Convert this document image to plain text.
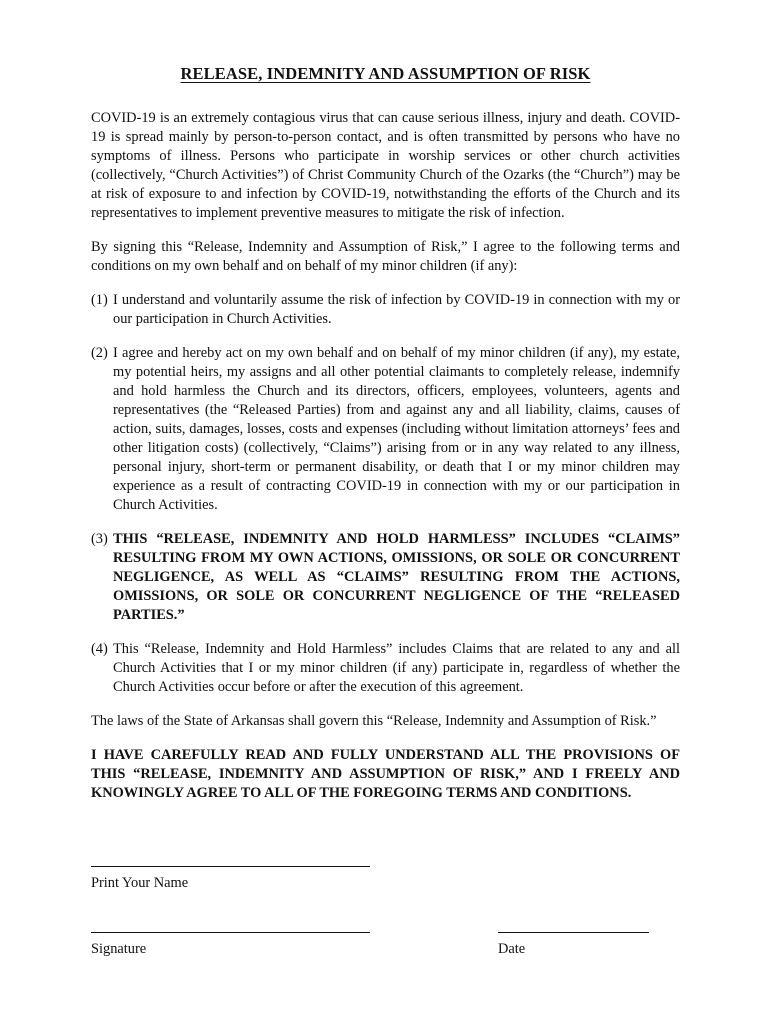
RELEASE, INDEMNITY AND ASSUMPTION OF RISK

COVID-19 is an extremely contagious virus that can cause serious illness, injury and death. COVID-19 is spread mainly by person-to-person contact, and is often transmitted by persons who have no symptoms of illness. Persons who participate in worship services or other church activities (collectively, “Church Activities”) of Christ Community Church of the Ozarks (the “Church”) may be at risk of exposure to and infection by COVID-19, notwithstanding the efforts of the Church and its representatives to implement preventive measures to mitigate the risk of infection.

By signing this “Release, Indemnity and Assumption of Risk,” I agree to the following terms and conditions on my own behalf and on behalf of my minor children (if any):

(1) I understand and voluntarily assume the risk of infection by COVID-19 in connection with my or our participation in Church Activities.
(2) I agree and hereby act on my own behalf and on behalf of my minor children (if any), my estate, my potential heirs, my assigns and all other potential claimants to completely release, indemnify and hold harmless the Church and its directors, officers, employees, volunteers, agents and representatives (the “Released Parties) from and against any and all liability, claims, causes of action, suits, damages, losses, costs and expenses (including without limitation attorneys’ fees and other litigation costs) (collectively, “Claims”) arising from or in any way related to any illness, personal injury, short-term or permanent disability, or death that I or my minor children may experience as a result of contracting COVID-19 in connection with my or our participation in Church Activities.
(3) THIS “RELEASE, INDEMNITY AND HOLD HARMLESS” INCLUDES “CLAIMS” RESULTING FROM MY OWN ACTIONS, OMISSIONS, OR SOLE OR CONCURRENT NEGLIGENCE, AS WELL AS “CLAIMS” RESULTING FROM THE ACTIONS, OMISSIONS, OR SOLE OR CONCURRENT NEGLIGENCE OF THE “RELEASED PARTIES.”
(4) This “Release, Indemnity and Hold Harmless” includes Claims that are related to any and all Church Activities that I or my minor children (if any) participate in, regardless of whether the Church Activities occur before or after the execution of this agreement.

The laws of the State of Arkansas shall govern this “Release, Indemnity and Assumption of Risk.”

I HAVE CAREFULLY READ AND FULLY UNDERSTAND ALL THE PROVISIONS OF THIS “RELEASE, INDEMNITY AND ASSUMPTION OF RISK,” AND I FREELY AND KNOWINGLY AGREE TO ALL OF THE FOREGOING TERMS AND CONDITIONS.

Print Your Name

Signature	Date
